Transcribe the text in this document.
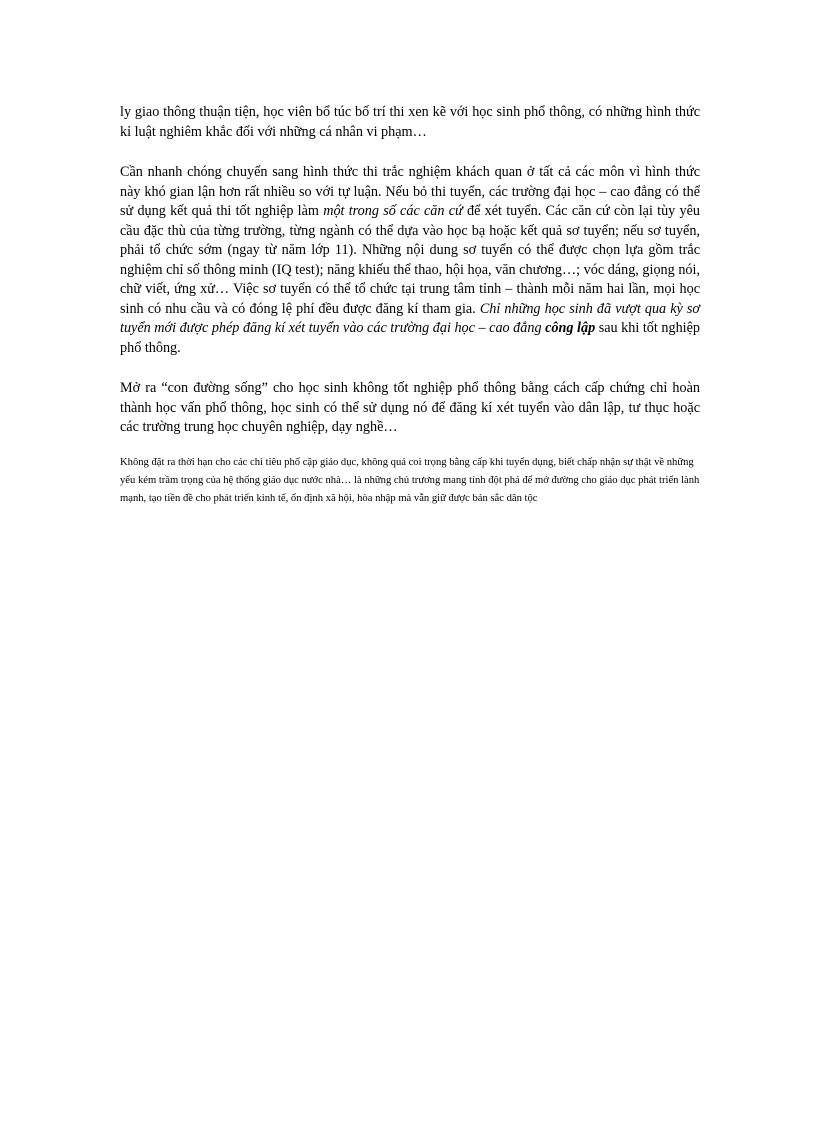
ly giao thông thuận tiện, học viên bổ túc bố trí thi xen kẽ với học sinh phổ thông, có những hình thức kỉ luật nghiêm khắc đối với những cá nhân vi phạm…

Cần nhanh chóng chuyển sang hình thức thi trắc nghiệm khách quan ở tất cả các môn vì hình thức này khó gian lận hơn rất nhiều so với tự luận. Nếu bỏ thi tuyển, các trường đại học – cao đẳng có thể sử dụng kết quả thi tốt nghiệp làm một trong số các căn cứ để xét tuyển. Các căn cứ còn lại tùy yêu cầu đặc thù của từng trường, từng ngành có thể dựa vào học bạ hoặc kết quả sơ tuyển; nếu sơ tuyển, phải tổ chức sớm (ngay từ năm lớp 11). Những nội dung sơ tuyển có thể được chọn lựa gồm trắc nghiệm chỉ số thông minh (IQ test); năng khiếu thể thao, hội họa, văn chương…; vóc dáng, giọng nói, chữ viết, ứng xử… Việc sơ tuyển có thể tổ chức tại trung tâm tỉnh – thành mỗi năm hai lần, mọi học sinh có nhu cầu và có đóng lệ phí đều được đăng kí tham gia. Chỉ những học sinh đã vượt qua kỳ sơ tuyển mới được phép đăng kí xét tuyển vào các trường đại học – cao đẳng công lập sau khi tốt nghiệp phổ thông.

Mở ra “con đường sống” cho học sinh không tốt nghiệp phổ thông bằng cách cấp chứng chỉ hoàn thành học vấn phổ thông, học sinh có thể sử dụng nó để đăng kí xét tuyển vào dân lập, tư thục hoặc các trường trung học chuyên nghiệp, dạy nghề…

Không đặt ra thời hạn cho các chỉ tiêu phổ cập giáo dục, không quá coi trọng bằng cấp khi tuyển dụng, biết chấp nhận sự thật về những yếu kém trầm trọng của hệ thống giáo dục nước nhà… là những chủ trương mang tính đột phá để mở đường cho giáo dục phát triển lành mạnh, tạo tiền đề cho phát triển kinh tế, ổn định xã hội, hòa nhập mà vẫn giữ được bản sắc dân tộc
